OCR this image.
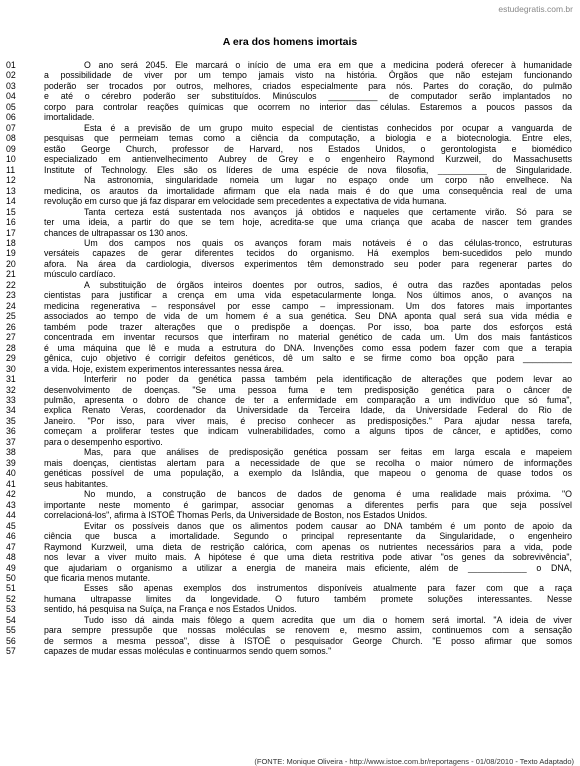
estudegratis.com.br
A era dos homens imortais
01	O ano será 2045. Ele marcará o início de uma era em que a medicina poderá oferecer à humanidade
02	a possibilidade de viver por um tempo jamais visto na história. Órgãos que não estejam funcionando
03	poderão ser trocados por outros, melhores, criados especialmente para nós. Partes do coração, do pulmão
04	e até o cérebro poderão ser substituídos. Minúsculos __________ de computador serão implantados no
05	corpo para controlar reações químicas que ocorrem no interior das células. Estaremos a poucos passos da
06	imortalidade.
07	Esta é a previsão de um grupo muito especial de cientistas conhecidos por ocupar a vanguarda de
08	pesquisas que permeiam temas como a ciência da computação, a biologia e a biotecnologia. Entre eles,
09	estão George Church, professor de Harvard, nos Estados Unidos, o gerontologista e biomédico
10	especializado em antienvelhecimento Aubrey de Grey e o engenheiro Raymond Kurzweil, do Massachusetts
11	Institute of Technology. Eles são os líderes de uma espécie de nova filosofia, __________ de Singularidade.
12	Na astronomia, singularidade nomeia um lugar no espaço onde um corpo não envelhece. Na
13	medicina, os arautos da imortalidade afirmam que ela nada mais é do que uma consequência real de uma
14	revolução em curso que já faz disparar em velocidade sem precedentes a expectativa de vida humana.
15	Tanta certeza está sustentada nos avanços já obtidos e naqueles que certamente virão. Só para se
16	ter uma ideia, a partir do que se tem hoje, acredita-se que uma criança que acaba de nascer tem grandes
17	chances de ultrapassar os 130 anos.
18	Um dos campos nos quais os avanços foram mais notáveis é o das células-tronco, estruturas
19	versáteis capazes de gerar diferentes tecidos do organismo. Há exemplos bem-sucedidos pelo mundo
20	afora. Na área da cardiologia, diversos experimentos têm demonstrado seu poder para regenerar partes do
21	músculo cardíaco.
22	A substituição de órgãos inteiros doentes por outros, sadios, é outra das razões apontadas pelos
23	cientistas para justificar a crença em uma vida espetacularmente longa. Nos últimos anos, o avanços na
24	medicina regenerativa – responsável por esse campo – impressionam. Um dos fatores mais importantes
25	associados ao tempo de vida de um homem é a sua genética. Seu DNA aponta qual será sua vida média e
26	também pode trazer alterações que o predispõe a doenças. Por isso, boa parte dos esforços está
27	concentrada em inventar recursos que interfiram no material genético de cada um. Um dos mais fantásticos
28	é uma máquina que lê e muda a estrutura do DNA. Invenções como essa podem fazer com que a terapia
29	gênica, cujo objetivo é corrigir defeitos genéticos, dê um salto e se firme como boa opção para __________
30	a vida. Hoje, existem experimentos interessantes nessa área.
31	Interferir no poder da genética passa também pela identificação de alterações que podem levar ao
32	desenvolvimento de doenças. "Se uma pessoa fuma e tem predisposição genética para o câncer de
33	pulmão, apresenta o dobro de chance de ter a enfermidade em comparação a um indivíduo que só fuma",
34	explica Renato Veras, coordenador da Universidade da Terceira Idade, da Universidade Federal do Rio de
35	Janeiro. "Por isso, para viver mais, é preciso conhecer as predisposições." Para ajudar nessa tarefa,
36	começam a proliferar testes que indicam vulnerabilidades, como a alguns tipos de câncer, e aptidões, como
37	para o desempenho esportivo.
38	Mas, para que análises de predisposição genética possam ser feitas em larga escala e mapeiem
39	mais doenças, cientistas alertam para a necessidade de que se recolha o maior número de informações
40	genéticas possível de uma população, a exemplo da Islândia, que mapeou o genoma de quase todos os
41	seus habitantes.
42	No mundo, a construção de bancos de dados de genoma é uma realidade mais próxima. "O
43	importante neste momento é garimpar, associar genomas a diferentes perfis para que seja possível
44	correlacioná-los", afirma à ISTOÉ Thomas Perls, da Universidade de Boston, nos Estados Unidos.
45	Evitar os possíveis danos que os alimentos podem causar ao DNA também é um ponto de apoio da
46	ciência que busca a imortalidade. Segundo o principal representante da Singularidade, o engenheiro
47	Raymond Kurzweil, uma dieta de restrição calórica, com apenas os nutrientes necessários para a vida, pode
48	nos levar a viver muito mais. A hipótese é que uma dieta restritiva pode ativar "os genes da sobrevivência",
49	que ajudariam o organismo a utilizar a energia de maneira mais eficiente, além de ____________ o DNA,
50	que ficaria menos mutante.
51	Esses são apenas exemplos dos instrumentos disponíveis atualmente para fazer com que a raça
52	humana ultrapasse limites da longevidade. O futuro também promete soluções interessantes. Nesse
53	sentido, há pesquisa na Suíça, na França e nos Estados Unidos.
54	Tudo isso dá ainda mais fôlego a quem acredita que um dia o homem será imortal. "A ideia de viver
55	para sempre pressupõe que nossas moléculas se renovem e, mesmo assim, continuemos com a sensação
56	de sermos a mesma pessoa", disse à ISTOÉ o pesquisador George Church. "E posso afirmar que somos
57	capazes de mudar essas moléculas e continuarmos sendo quem somos."
(FONTE: Monique Oliveira - http://www.istoe.com.br/reportagens - 01/08/2010 - Texto Adaptado)
